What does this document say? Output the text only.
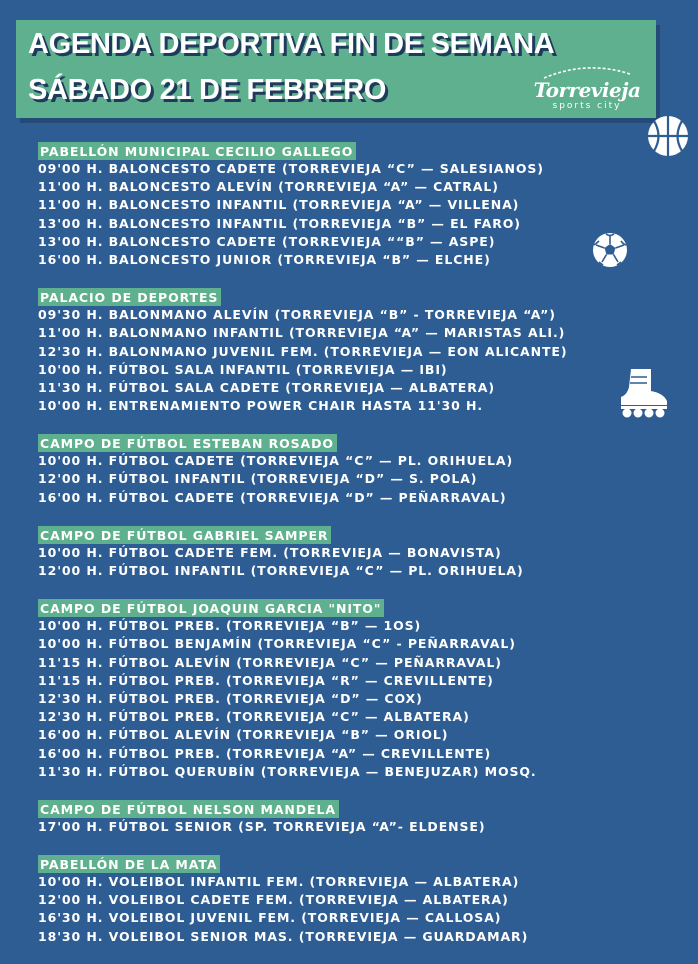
AGENDA DEPORTIVA FIN DE SEMANA
SÁBADO 21 DE FEBRERO	Torrevieja
sports city
PABELLÓN MUNICIPAL CECILIO GALLEGO
09'00 H. BALONCESTO CADETE (TORREVIEJA “C” — SALESIANOS)
11'00 H. BALONCESTO ALEVÍN (TORREVIEJA “A” — CATRAL)
11'00 H. BALONCESTO INFANTIL (TORREVIEJA “A” — VILLENA)
13'00 H. BALONCESTO INFANTIL (TORREVIEJA “B” — EL FARO)
13'00 H. BALONCESTO CADETE (TORREVIEJA ““B” — ASPE)
16'00 H. BALONCESTO JUNIOR (TORREVIEJA “B” — ELCHE)
PALACIO DE DEPORTES
09'30 H. BALONMANO ALEVÍN (TORREVIEJA “B” - TORREVIEJA “A”)
11'00 H. BALONMANO INFANTIL (TORREVIEJA “A” — MARISTAS ALI.)
12'30 H. BALONMANO JUVENIL FEM. (TORREVIEJA — EON ALICANTE)
10'00 H. FÚTBOL SALA INFANTIL (TORREVIEJA — IBI)
11'30 H. FÚTBOL SALA CADETE (TORREVIEJA — ALBATERA)
10'00 H. ENTRENAMIENTO POWER CHAIR HASTA 11'30 H.
CAMPO DE FÚTBOL ESTEBAN ROSADO
10'00 H. FÚTBOL CADETE (TORREVIEJA “C” — PL. ORIHUELA)
12'00 H. FÚTBOL INFANTIL (TORREVIEJA “D” — S. POLA)
16'00 H. FÚTBOL CADETE (TORREVIEJA “D” — PEÑARRAVAL)
CAMPO DE FÚTBOL GABRIEL SAMPER
10'00 H. FÚTBOL CADETE FEM. (TORREVIEJA — BONAVISTA)
12'00 H. FÚTBOL INFANTIL (TORREVIEJA “C” — PL. ORIHUELA)
CAMPO DE FÚTBOL JOAQUIN GARCIA "NITO"
10'00 H. FÚTBOL PREB. (TORREVIEJA “B” — 1OS)
10'00 H. FÚTBOL BENJAMÍN (TORREVIEJA “C” - PEÑARRAVAL)
11'15 H. FÚTBOL ALEVÍN (TORREVIEJA “C” — PEÑARRAVAL)
11'15 H. FÚTBOL PREB. (TORREVIEJA “R” — CREVILLENTE)
12'30 H. FÚTBOL PREB. (TORREVIEJA “D” — COX)
12'30 H. FÚTBOL PREB. (TORREVIEJA “C” — ALBATERA)
16'00 H. FÚTBOL ALEVÍN (TORREVIEJA “B” — ORIOL)
16'00 H. FÚTBOL PREB. (TORREVIEJA “A” — CREVILLENTE)
11'30 H. FÚTBOL QUERUBÍN (TORREVIEJA — BENEJUZAR) MOSQ.
CAMPO DE FÚTBOL NELSON MANDELA
17'00 H. FÚTBOL SENIOR (SP. TORREVIEJA “A”- ELDENSE)
PABELLÓN DE LA MATA
10'00 H. VOLEIBOL INFANTIL FEM. (TORREVIEJA — ALBATERA)
12'00 H. VOLEIBOL CADETE FEM. (TORREVIEJA — ALBATERA)
16'30 H. VOLEIBOL JUVENIL FEM. (TORREVIEJA — CALLOSA)
18'30 H. VOLEIBOL SENIOR MAS. (TORREVIEJA — GUARDAMAR)
